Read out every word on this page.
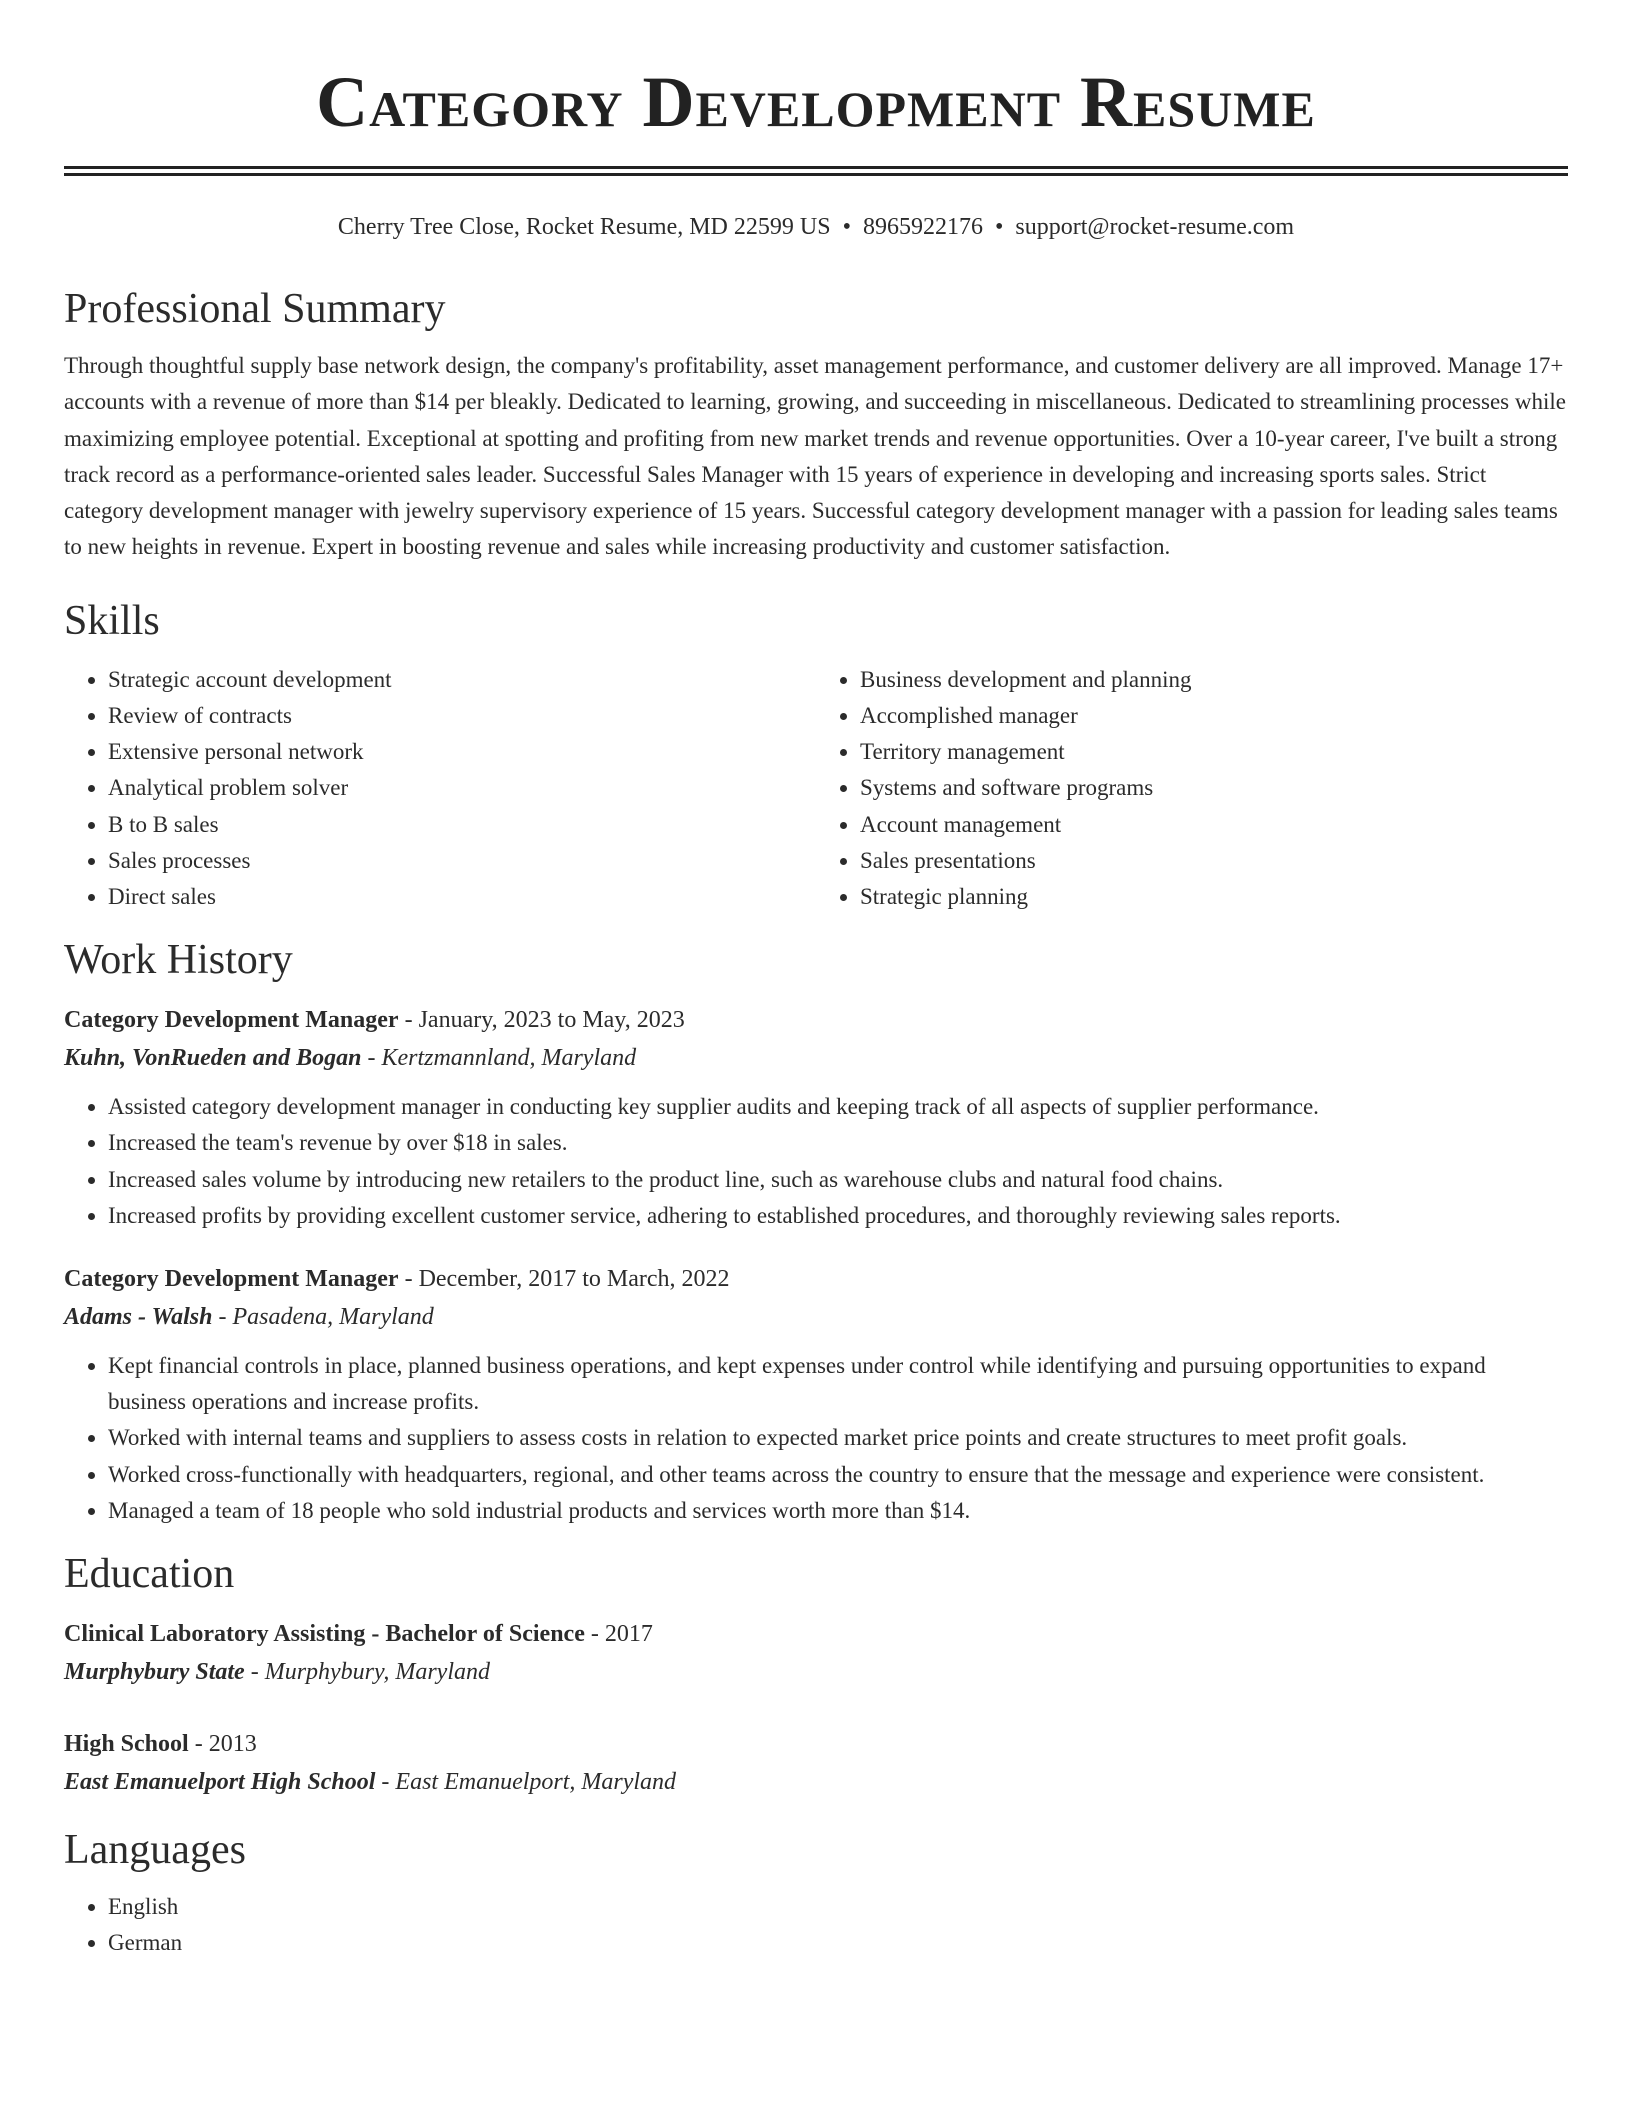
Category Development Resume
Cherry Tree Close, Rocket Resume, MD 22599 US • 8965922176 • support@rocket-resume.com
Professional Summary

Through thoughtful supply base network design, the company's profitability, asset management performance, and customer delivery are all improved. Manage 17+ accounts with a revenue of more than $14 per bleakly. Dedicated to learning, growing, and succeeding in miscellaneous. Dedicated to streamlining processes while maximizing employee potential. Exceptional at spotting and profiting from new market trends and revenue opportunities. Over a 10-year career, I've built a strong track record as a performance-oriented sales leader. Successful Sales Manager with 15 years of experience in developing and increasing sports sales. Strict category development manager with jewelry supervisory experience of 15 years. Successful category development manager with a passion for leading sales teams to new heights in revenue. Expert in boosting revenue and sales while increasing productivity and customer satisfaction.

Skills
• Strategic account development
• Review of contracts
• Extensive personal network
• Analytical problem solver
• B to B sales
• Sales processes
• Direct sales
• Business development and planning
• Accomplished manager
• Territory management
• Systems and software programs
• Account management
• Sales presentations
• Strategic planning
Work History
Category Development Manager - January, 2023 to May, 2023
Kuhn, VonRueden and Bogan - Kertzmannland, Maryland
• Assisted category development manager in conducting key supplier audits and keeping track of all aspects of supplier performance.
• Increased the team's revenue by over $18 in sales.
• Increased sales volume by introducing new retailers to the product line, such as warehouse clubs and natural food chains.
• Increased profits by providing excellent customer service, adhering to established procedures, and thoroughly reviewing sales reports.
Category Development Manager - December, 2017 to March, 2022
Adams - Walsh - Pasadena, Maryland
• Kept financial controls in place, planned business operations, and kept expenses under control while identifying and pursuing opportunities to expand business operations and increase profits.
• Worked with internal teams and suppliers to assess costs in relation to expected market price points and create structures to meet profit goals.
• Worked cross-functionally with headquarters, regional, and other teams across the country to ensure that the message and experience were consistent.
• Managed a team of 18 people who sold industrial products and services worth more than $14.
Education
Clinical Laboratory Assisting - Bachelor of Science - 2017
Murphybury State - Murphybury, Maryland
High School - 2013
East Emanuelport High School - East Emanuelport, Maryland
Languages
• English
• German
